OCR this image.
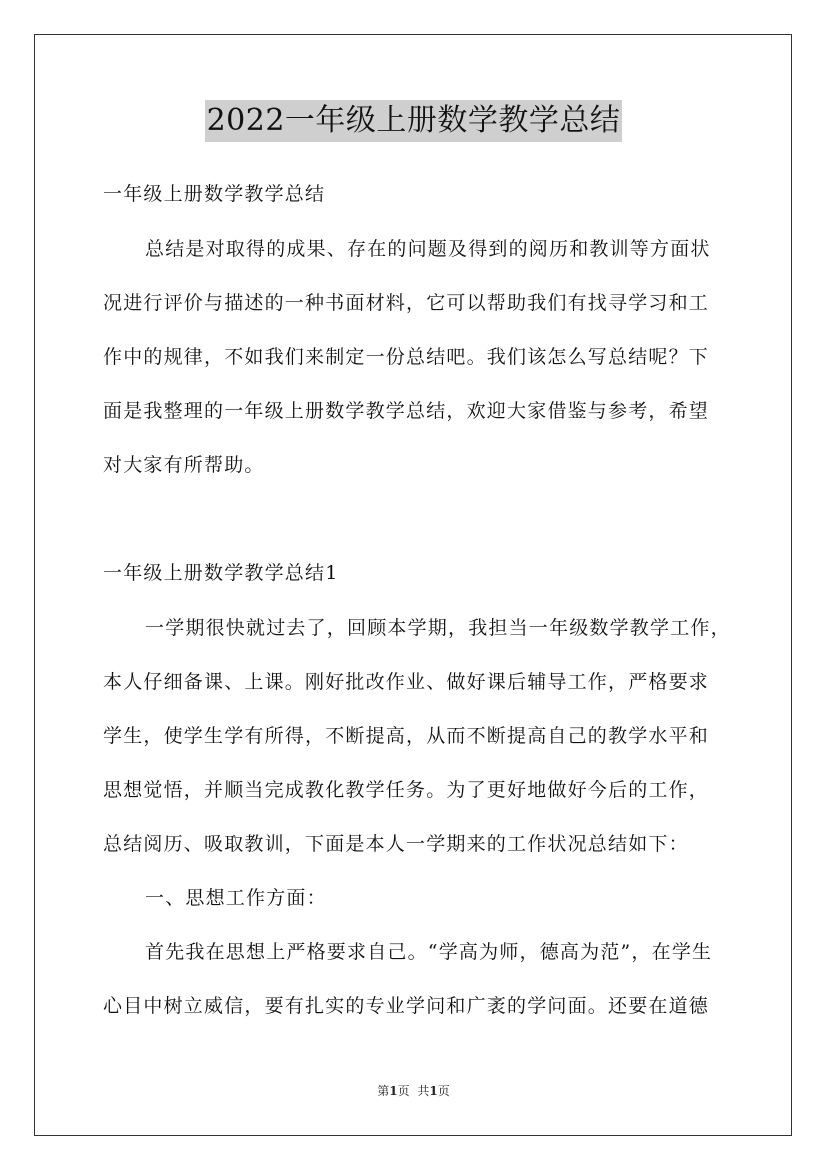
2022一年级上册数学教学总结
一年级上册数学教学总结
总结是对取得的成果、存在的问题及得到的阅历和教训等方面状
况进行评价与描述的一种书面材料，它可以帮助我们有找寻学习和工
作中的规律，不如我们来制定一份总结吧。我们该怎么写总结呢？下
面是我整理的一年级上册数学教学总结，欢迎大家借鉴与参考，希望
对大家有所帮助。
一年级上册数学教学总结1
一学期很快就过去了，回顾本学期，我担当一年级数学教学工作，
本人仔细备课、上课。刚好批改作业、做好课后辅导工作，严格要求
学生，使学生学有所得，不断提高，从而不断提高自己的教学水平和
思想觉悟，并顺当完成教化教学任务。为了更好地做好今后的工作，
总结阅历、吸取教训，下面是本人一学期来的工作状况总结如下：
一、思想工作方面：
首先我在思想上严格要求自己。“学高为师，德高为范”，在学生
心目中树立威信，要有扎实的专业学问和广袤的学问面。还要在道德
第1页 共1页
